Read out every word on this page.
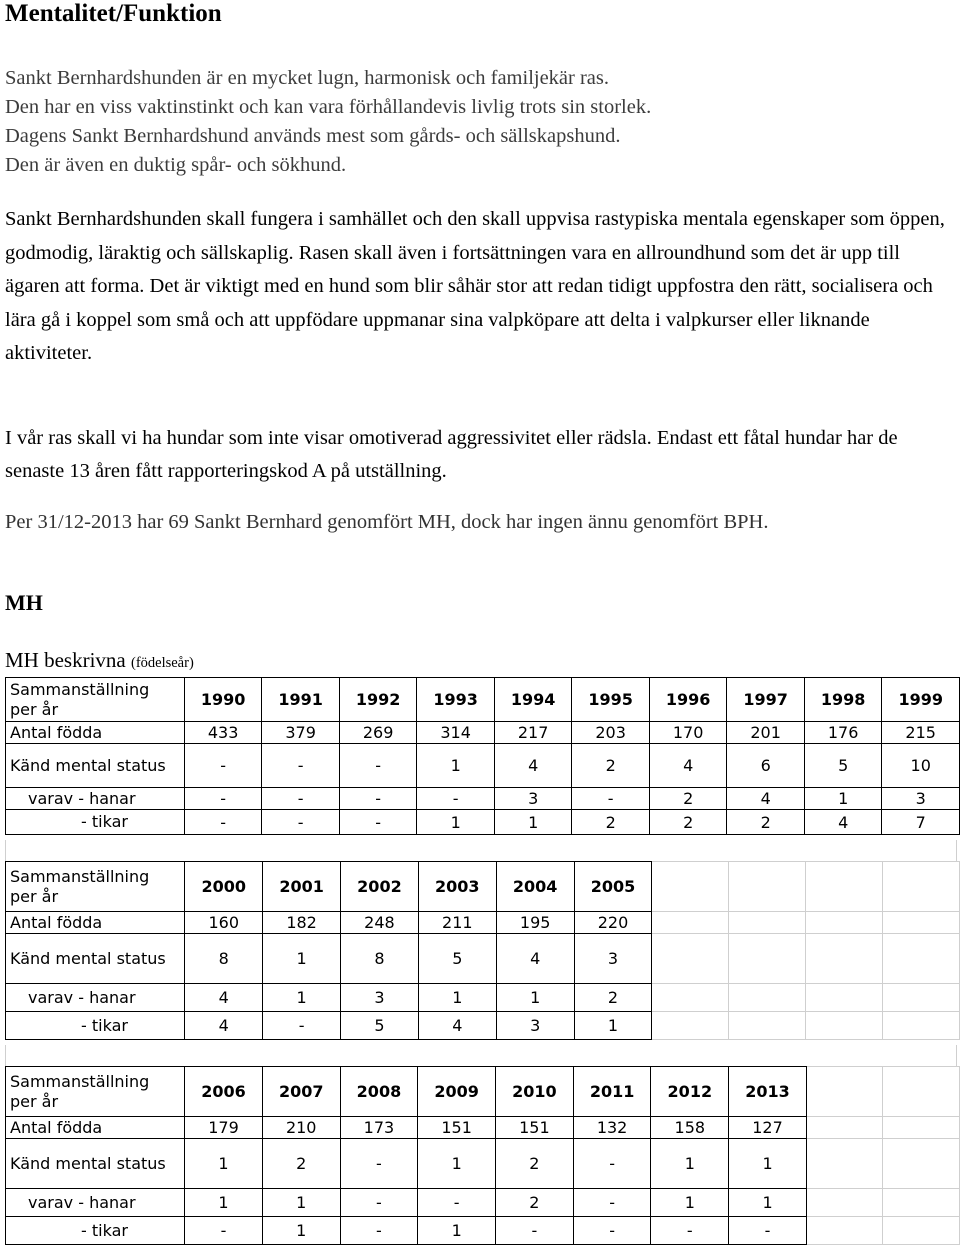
Mentalitet/Funktion
Sankt Bernhardshunden är en mycket lugn, harmonisk och familjekär ras.
Den har en viss vaktinstinkt och kan vara förhållandevis livlig trots sin storlek.
Dagens Sankt Bernhardshund används mest som gårds- och sällskapshund.
Den är även en duktig spår- och sökhund.

Sankt Bernhardshunden skall fungera i samhället och den skall uppvisa rastypiska mentala egenskaper som öppen, godmodig, läraktig och sällskaplig. Rasen skall även i fortsättningen vara en allroundhund som det är upp till ägaren att forma. Det är viktigt med en hund som blir såhär stor att redan tidigt uppfostra den rätt, socialisera och lära gå i koppel som små och att uppfödare uppmanar sina valpköpare att delta i valpkurser eller liknande aktiviteter.

I vår ras skall vi ha hundar som inte visar omotiverad aggressivitet eller rädsla. Endast ett fåtal hundar har de senaste 13 åren fått rapporteringskod A på utställning.

Per 31/12-2013 har 69 Sankt Bernhard genomfört MH, dock har ingen ännu genomfört BPH.

MH
MH beskrivna (födelseår)
Sammanställning per år	1990	1991	1992	1993	1994	1995	1996	1997	1998	1999
Antal födda	433	379	269	314	217	203	170	201	176	215
Känd mental status	-	-	-	1	4	2	4	6	5	10
varav - hanar	-	-	-	-	3	-	2	4	1	3
- tikar	-	-	-	1	1	2	2	2	4	7
Sammanställning per år	2000	2001	2002	2003	2004	2005				
Antal födda	160	182	248	211	195	220				
Känd mental status	8	1	8	5	4	3				
varav - hanar	4	1	3	1	1	2				
- tikar	4	-	5	4	3	1				
Sammanställning per år	2006	2007	2008	2009	2010	2011	2012	2013		
Antal födda	179	210	173	151	151	132	158	127		
Känd mental status	1	2	-	1	2	-	1	1		
varav - hanar	1	1	-	-	2	-	1	1		
- tikar	-	1	-	1	-	-	-	-		
